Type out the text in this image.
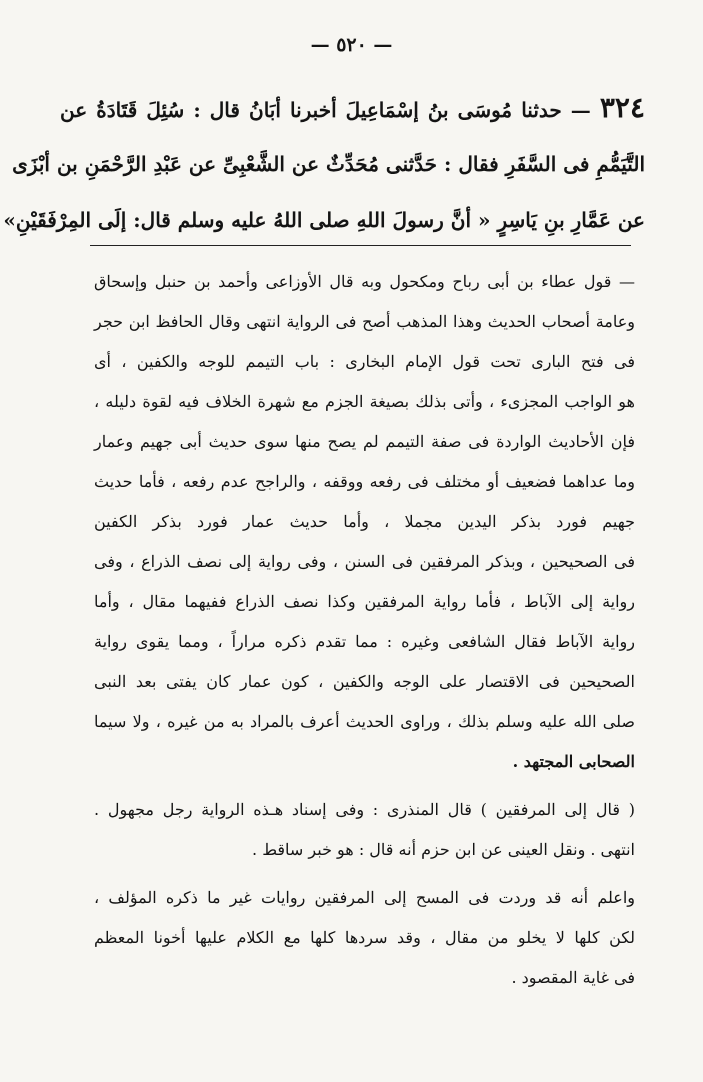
— ٥٢٠ —
٣٢٤ — حدثنا مُوسَى بنُ إسْمَاعِيلَ أخبرنا أبَانُ قال : سُئِلَ قَتَادَةُ عن
التَّيَمُّمِ فى السَّفَرِ فقال : حَدَّثنى مُحَدِّثٌ عن الشَّعْبِىِّ عن عَبْدِ الرَّحْمَنِ بن أبْزَى
عن عَمَّارِ بنِ يَاسِرٍ « أنَّ رسولَ اللهِ صلى اللهُ عليه وسلم قال: إلَى المِرْفَقَيْنِ»
— قول عطاء بن أبى رباح ومكحول وبه قال الأوزاعى وأحمد بن حنبل وإسحاق
وعامة أصحاب الحديث وهذا المذهب أصح فى الرواية انتهى وقال الحافظ ابن حجر
فى فتح البارى تحت قول الإمام البخارى : باب التيمم للوجه والكفين ، أى
هو الواجب المجزىء ، وأتى بذلك بصيغة الجزم مع شهرة الخلاف فيه لقوة دليله ،
فإن الأحاديث الواردة فى صفة التيمم لم يصح منها سوى حديث أبى جهيم وعمار
وما عداهما فضعيف أو مختلف فى رفعه ووقفه ، والراجح عدم رفعه ، فأما حديث
جهيم فورد بذكر اليدين مجملا ، وأما حديث عمار فورد بذكر الكفين
فى الصحيحين ، وبذكر المرفقين فى السنن ، وفى رواية إلى نصف الذراع ، وفى
رواية إلى الآباط ، فأما رواية المرفقين وكذا نصف الذراع ففيهما مقال ، وأما
رواية الآباط فقال الشافعى وغيره : مما تقدم ذكره مراراً ، ومما يقوى رواية
الصحيحين فى الاقتصار على الوجه والكفين ، كون عمار كان يفتى بعد النبى
صلى الله عليه وسلم بذلك ، وراوى الحديث أعرف بالمراد به من غيره ، ولا سيما
الصحابى المجتهد .
( قال إلى المرفقين ) قال المنذرى : وفى إسناد هـذه الرواية رجل مجهول .
انتهى . ونقل العينى عن ابن حزم أنه قال : هو خبر ساقط .
واعلم أنه قد وردت فى المسح إلى المرفقين روايات غير ما ذكره المؤلف ،
لكن كلها لا يخلو من مقال ، وقد سردها كلها مع الكلام عليها أخونا المعظم
فى غاية المقصود .
